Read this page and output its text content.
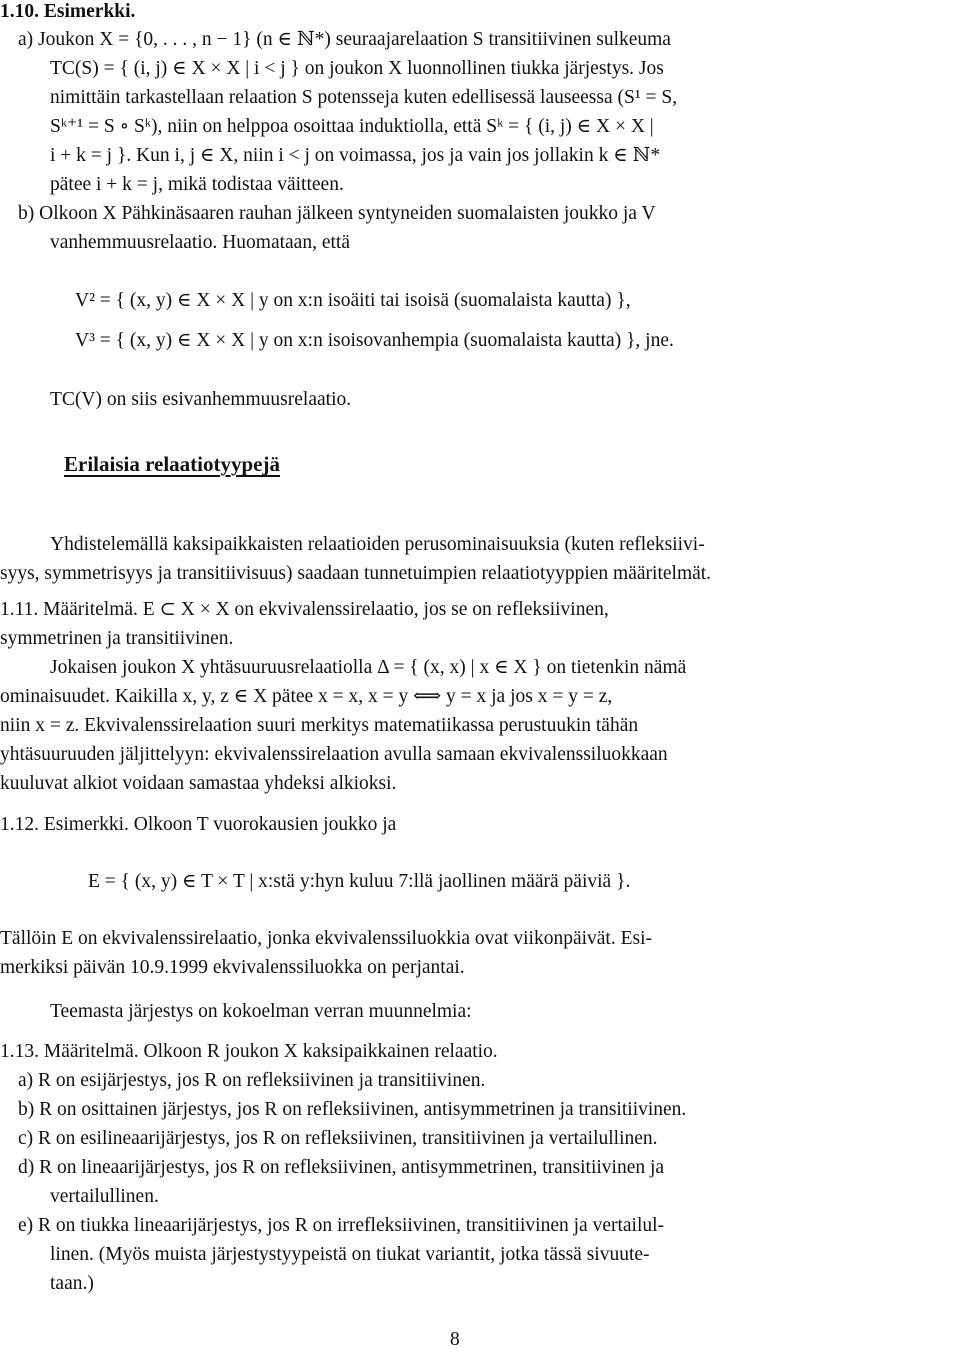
1.10. Esimerkki.
a) Joukon X = {0, . . . , n − 1} (n ∈ ℕ*) seuraajarelaation S transitiivinen sulkeuma
TC(S) = { (i, j) ∈ X × X | i < j } on joukon X luonnollinen tiukka järjestys. Jos
nimittäin tarkastellaan relaation S potensseja kuten edellisessä lauseessa (S¹ = S,
Sᵏ⁺¹ = S ∘ Sᵏ), niin on helppoa osoittaa induktiolla, että Sᵏ = { (i, j) ∈ X × X |
i + k = j }. Kun i, j ∈ X, niin i < j on voimassa, jos ja vain jos jollakin k ∈ ℕ*
pätee i + k = j, mikä todistaa väitteen.
b) Olkoon X Pähkinäsaaren rauhan jälkeen syntyneiden suomalaisten joukko ja V
vanhemmuusrelaatio. Huomataan, että
V² = { (x, y) ∈ X × X | y on x:n isoäiti tai isoisä (suomalaista kautta) },
V³ = { (x, y) ∈ X × X | y on x:n isoisovanhempia (suomalaista kautta) }, jne.
TC(V) on siis esivanhemmuusrelaatio.
Erilaisia relaatiotyypejä
Yhdistelemällä kaksipaikkaisten relaatioiden perusominaisuuksia (kuten refleksiivi-
syys, symmetrisyys ja transitiivisuus) saadaan tunnetuimpien relaatiotyyppien määritelmät.
1.11. Määritelmä. E ⊂ X × X on ekvivalenssirelaatio, jos se on refleksiivinen,
symmetrinen ja transitiivinen.
Jokaisen joukon X yhtäsuuruusrelaatiolla Δ = { (x, x) | x ∈ X } on tietenkin nämä
ominaisuudet. Kaikilla x, y, z ∈ X pätee x = x, x = y ⟺ y = x ja jos x = y = z,
niin x = z. Ekvivalenssirelaation suuri merkitys matematiikassa perustuukin tähän
yhtäsuuruuden jäljittelyyn: ekvivalenssirelaation avulla samaan ekvivalenssiluokkaan
kuuluvat alkiot voidaan samastaa yhdeksi alkioksi.
1.12. Esimerkki. Olkoon T vuorokausien joukko ja
E = { (x, y) ∈ T × T | x:stä y:hyn kuluu 7:llä jaollinen määrä päiviä }.
Tällöin E on ekvivalenssirelaatio, jonka ekvivalenssiluokkia ovat viikonpäivät. Esi-
merkiksi päivän 10.9.1999 ekvivalenssiluokka on perjantai.
Teemasta järjestys on kokoelman verran muunnelmia:
1.13. Määritelmä. Olkoon R joukon X kaksipaikkainen relaatio.
a) R on esijärjestys, jos R on refleksiivinen ja transitiivinen.
b) R on osittainen järjestys, jos R on refleksiivinen, antisymmetrinen ja transitiivinen.
c) R on esilineaarijärjestys, jos R on refleksiivinen, transitiivinen ja vertailullinen.
d) R on lineaarijärjestys, jos R on refleksiivinen, antisymmetrinen, transitiivinen ja
vertailullinen.
e) R on tiukka lineaarijärjestys, jos R on irrefleksiivinen, transitiivinen ja vertailul-
linen. (Myös muista järjestystyypeistä on tiukat variantit, jotka tässä sivuute-
taan.)
8
